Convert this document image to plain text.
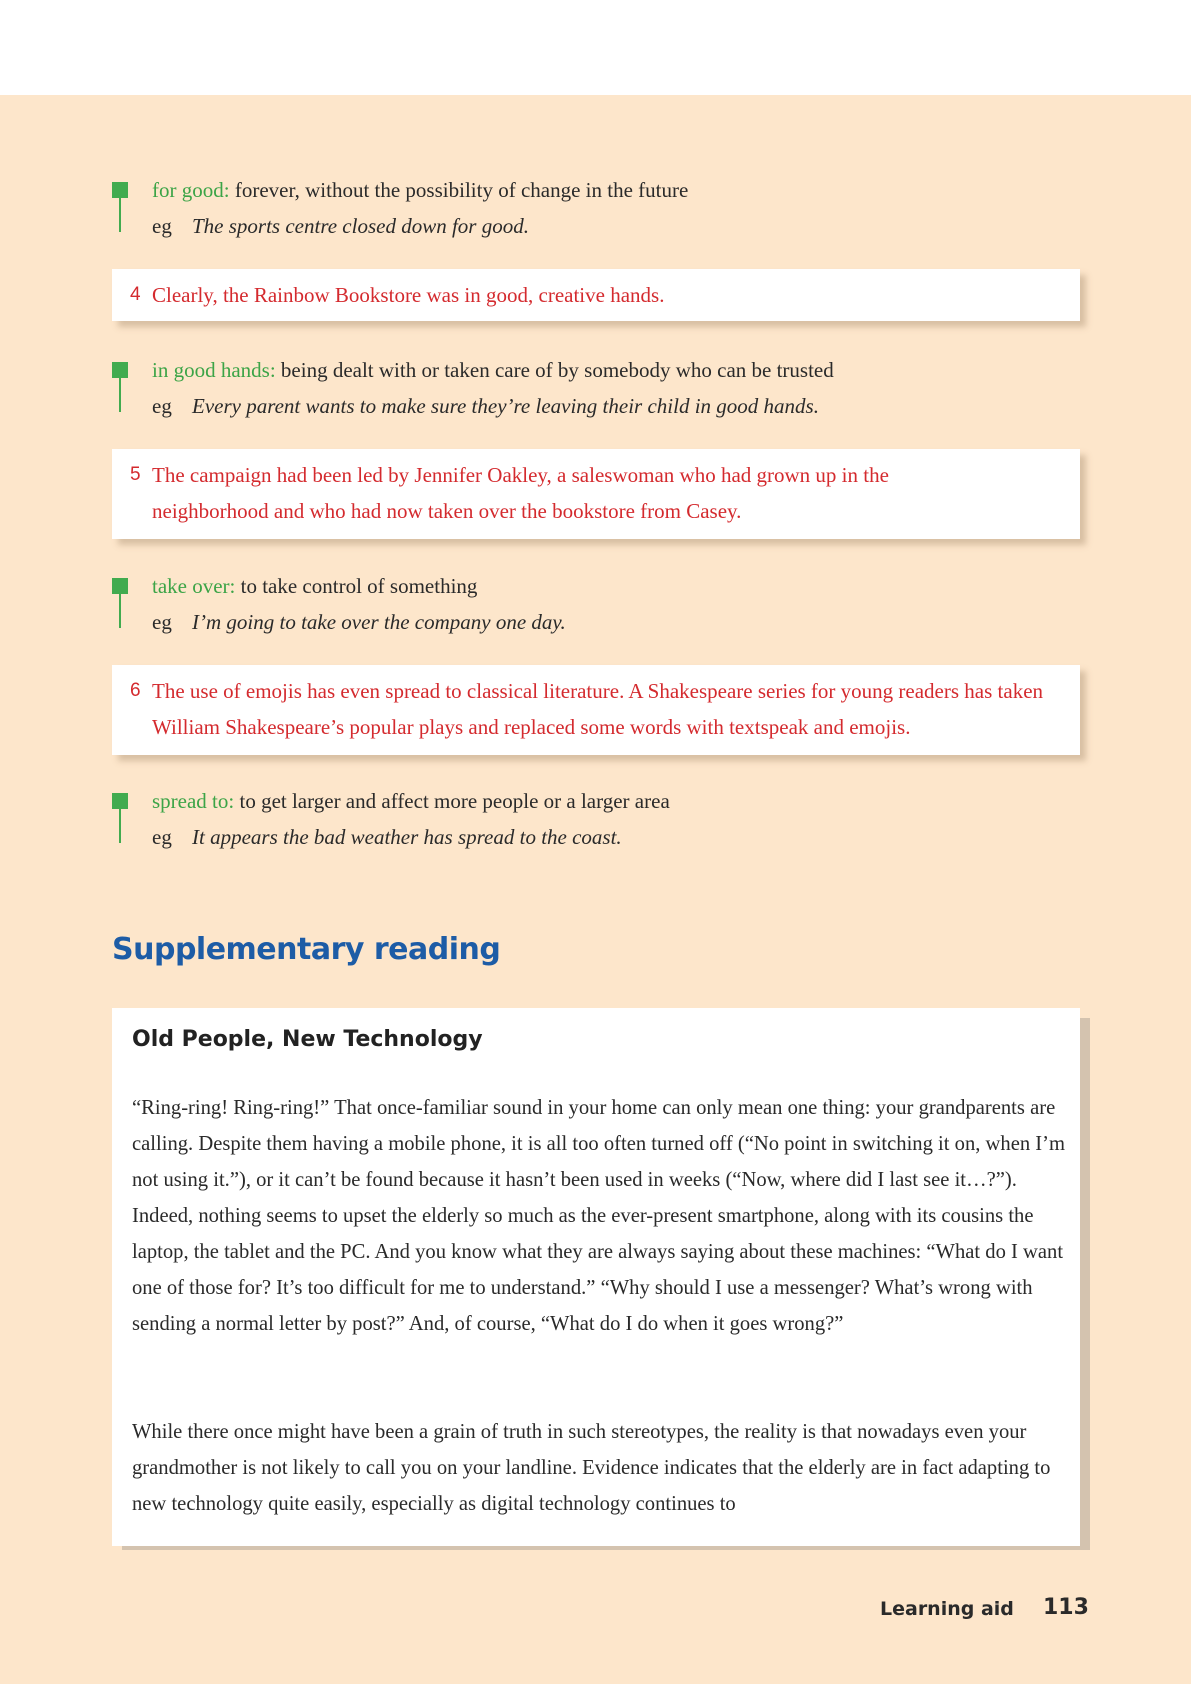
for good: forever, without the possibility of change in the future
eg The sports centre closed down for good.
4 Clearly, the Rainbow Bookstore was in good, creative hands.
in good hands: being dealt with or taken care of by somebody who can be trusted
eg Every parent wants to make sure they’re leaving their child in good hands.
5 The campaign had been led by Jennifer Oakley, a saleswoman who had grown up in the neighborhood and who had now taken over the bookstore from Casey.
take over: to take control of something
eg I’m going to take over the company one day.
6 The use of emojis has even spread to classical literature. A Shakespeare series for young readers has taken William Shakespeare’s popular plays and replaced some words with textspeak and emojis.
spread to: to get larger and affect more people or a larger area
eg It appears the bad weather has spread to the coast.
Supplementary reading
Old People, New Technology
“Ring-ring! Ring-ring!” That once-familiar sound in your home can only mean one thing: your grandparents are calling. Despite them having a mobile phone, it is all too often turned off (“No point in switching it on, when I’m not using it.”), or it can’t be found because it hasn’t been used in weeks (“Now, where did I last see it…?”). Indeed, nothing seems to upset the elderly so much as the ever-present smartphone, along with its cousins the laptop, the tablet and the PC. And you know what they are always saying about these machines: “What do I want one of those for? It’s too difficult for me to understand.” “Why should I use a messenger? What’s wrong with sending a normal letter by post?” And, of course, “What do I do when it goes wrong?”
While there once might have been a grain of truth in such stereotypes, the reality is that nowadays even your grandmother is not likely to call you on your landline. Evidence indicates that the elderly are in fact adapting to new technology quite easily, especially as digital technology continues to
Learning aid 113
